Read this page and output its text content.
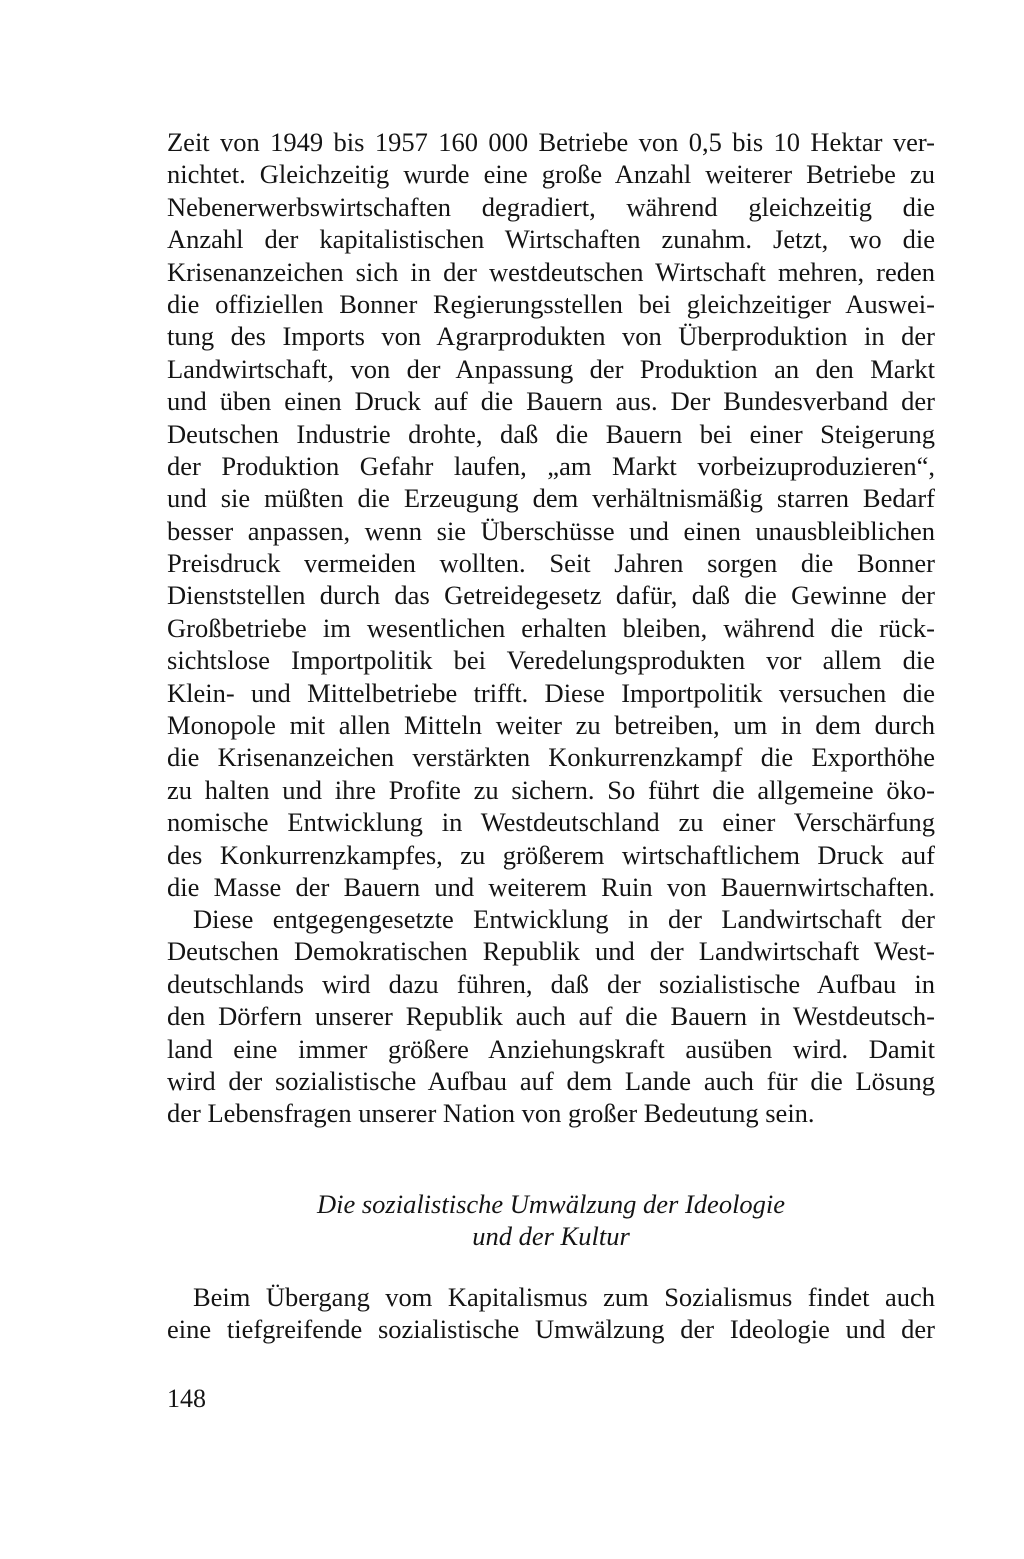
Zeit von 1949 bis 1957 160 000 Betriebe von 0,5 bis 10 Hektar ver-
nichtet. Gleichzeitig wurde eine große Anzahl weiterer Betriebe zu
Nebenerwerbswirtschaften degradiert, während gleichzeitig die
Anzahl der kapitalistischen Wirtschaften zunahm. Jetzt, wo die
Krisenanzeichen sich in der westdeutschen Wirtschaft mehren, reden
die offiziellen Bonner Regierungsstellen bei gleichzeitiger Auswei-
tung des Imports von Agrarprodukten von Überproduktion in der
Landwirtschaft, von der Anpassung der Produktion an den Markt
und üben einen Druck auf die Bauern aus. Der Bundesverband der
Deutschen Industrie drohte, daß die Bauern bei einer Steigerung
der Produktion Gefahr laufen, „am Markt vorbeizuproduzieren“,
und sie müßten die Erzeugung dem verhältnismäßig starren Bedarf
besser anpassen, wenn sie Überschüsse und einen unausbleiblichen
Preisdruck vermeiden wollten. Seit Jahren sorgen die Bonner
Dienststellen durch das Getreidegesetz dafür, daß die Gewinne der
Großbetriebe im wesentlichen erhalten bleiben, während die rück-
sichtslose Importpolitik bei Veredelungsprodukten vor allem die
Klein- und Mittelbetriebe trifft. Diese Importpolitik versuchen die
Monopole mit allen Mitteln weiter zu betreiben, um in dem durch
die Krisenanzeichen verstärkten Konkurrenzkampf die Exporthöhe
zu halten und ihre Profite zu sichern. So führt die allgemeine öko-
nomische Entwicklung in Westdeutschland zu einer Verschärfung
des Konkurrenzkampfes, zu größerem wirtschaftlichem Druck auf
die Masse der Bauern und weiterem Ruin von Bauernwirtschaften.
Diese entgegengesetzte Entwicklung in der Landwirtschaft der
Deutschen Demokratischen Republik und der Landwirtschaft West-
deutschlands wird dazu führen, daß der sozialistische Aufbau in
den Dörfern unserer Republik auch auf die Bauern in Westdeutsch-
land eine immer größere Anziehungskraft ausüben wird. Damit
wird der sozialistische Aufbau auf dem Lande auch für die Lösung
der Lebensfragen unserer Nation von großer Bedeutung sein.
Die sozialistische Umwälzung der Ideologie
und der Kultur
Beim Übergang vom Kapitalismus zum Sozialismus findet auch
eine tiefgreifende sozialistische Umwälzung der Ideologie und der
148
